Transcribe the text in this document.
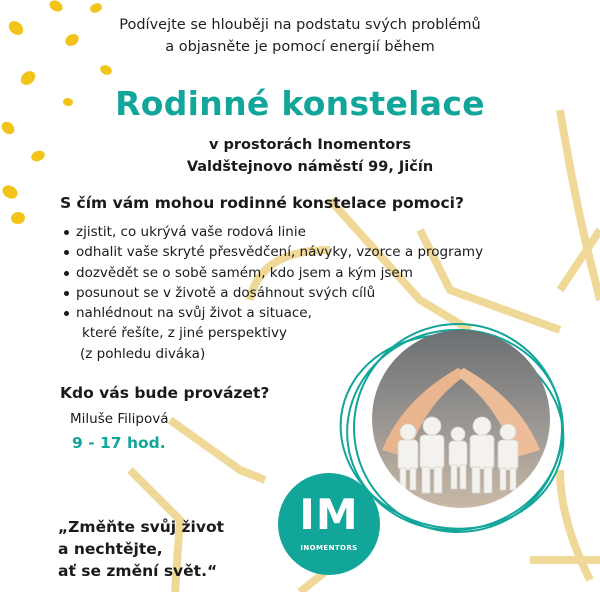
Podívejte se hlouběji na podstatu svých problémů
a objasněte je pomocí energií během
Rodinné konstelace
v prostorách Inomentors
Valdštejnovo náměstí 99, Jičín
S čím vám mohou rodinné konstelace pomoci?
zjistit, co ukrývá vaše rodová linie
odhalit vaše skryté přesvědčení, návyky, vzorce a programy
dozvědět se o sobě samém, kdo jsem a kým jsem
posunout se v životě a dosáhnout svých cílů
nahlédnout na svůj život a situace,
které řešíte, z jiné perspektivy
(z pohledu diváka)
Kdo vás bude provázet?
Miluše Filipová
9 - 17 hod.
IM
INOMENTORS
„Změňte svůj život
a nechtějte,
ať se změní svět.“
